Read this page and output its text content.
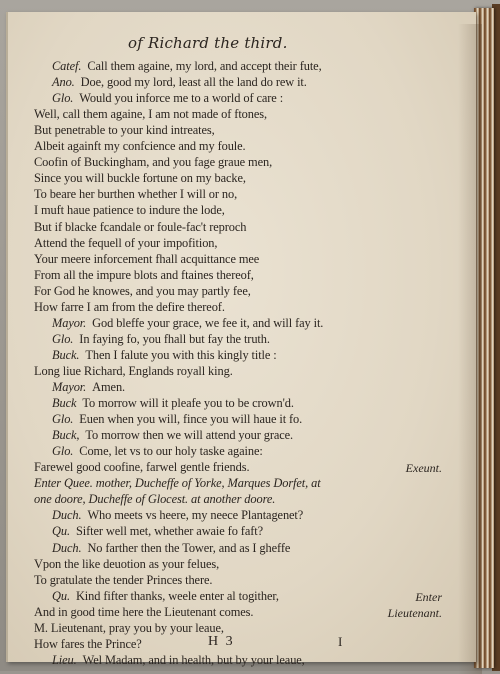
of Richard the third.
Catef. Call them againe, my lord, and accept their fute,
Ano. Doe, good my lord, least all the land do rew it.
Glo. Would you inforce me to a world of care :
Well, call them againe, I am not made of ftones,
But penetrable to your kind intreates,
Albeit againft my confcience and my foule.
Coofin of Buckingham, and you fage graue men,
Since you will buckle fortune on my backe,
To beare her burthen whether I will or no,
I muft haue patience to indure the lode,
But if blacke fcandale or foule-fac't reproch
Attend the fequell of your impofition,
Your meere inforcement fhall acquittance mee
From all the impure blots and ftaines thereof,
For God he knowes, and you may partly fee,
How farre I am from the defire thereof.
Mayor. God bleffe your grace, we fee it, and will fay it.
Glo. In faying fo, you fhall but fay the truth.
Buck. Then I falute you with this kingly title :
Long liue Richard, Englands royall king.
Mayor. Amen.
Buck To morrow will it pleafe you to be crown'd.
Glo. Euen when you will, fince you will haue it fo.
Buck, To morrow then we will attend your grace.
Glo. Come, let vs to our holy taske againe:
Farewel good coofine, farwel gentle friends.	Exeunt.
Enter Quee. mother, Ducheffe of Yorke, Marques Dorfet, at
one doore, Ducheffe of Glocest. at another doore.
Duch. Who meets vs heere, my neece Plantagenet?
Qu. Sifter well met, whether awaie fo faft?
Duch. No farther then the Tower, and as I gheffe
Vpon the like deuotion as your felues,
To gratulate the tender Princes there.
Qu. Kind fifter thanks, weele enter al togither,	Enter
And in good time here the Lieutenant comes.	Lieutenant.
M. Lieutenant, pray you by your leaue,
How fares the Prince?
Lieu. Wel Madam, and in health, but by your leaue,
H 3	I
